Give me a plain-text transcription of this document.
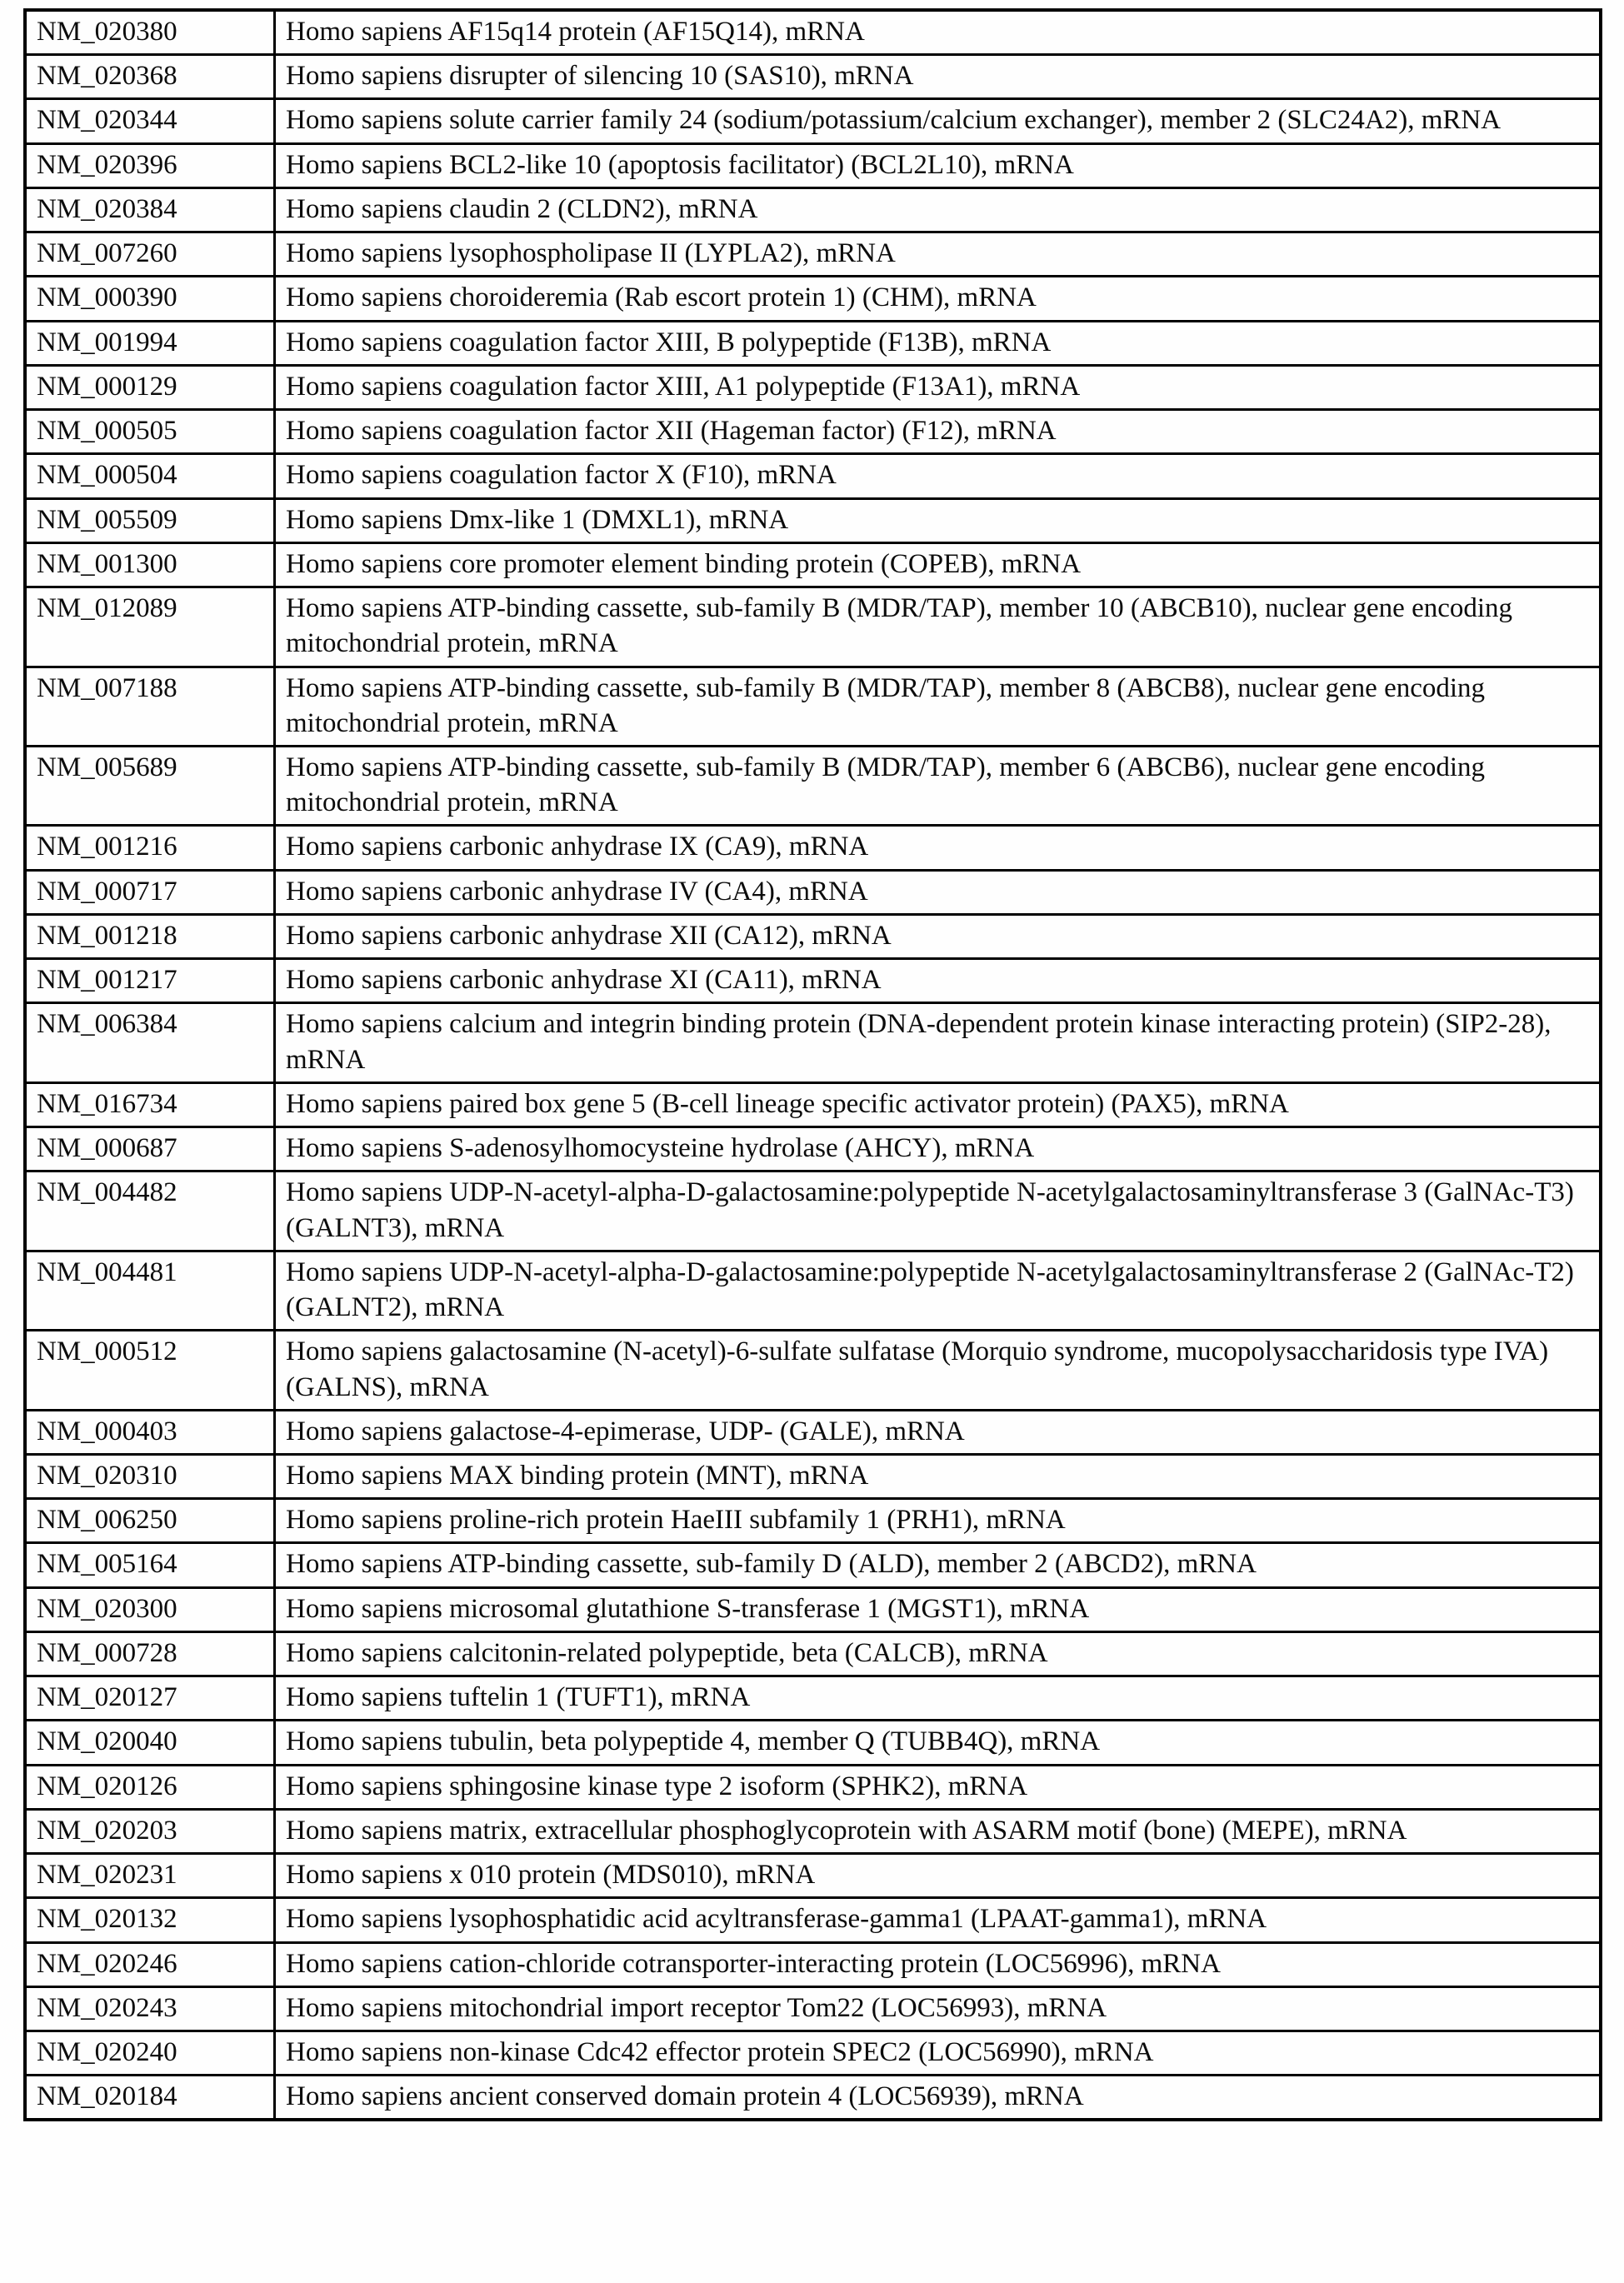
NM_020380	Homo sapiens AF15q14 protein (AF15Q14), mRNA
NM_020368	Homo sapiens disrupter of silencing 10 (SAS10), mRNA
NM_020344	Homo sapiens solute carrier family 24 (sodium/potassium/calcium exchanger), member 2 (SLC24A2), mRNA
NM_020396	Homo sapiens BCL2-like 10 (apoptosis facilitator) (BCL2L10), mRNA
NM_020384	Homo sapiens claudin 2 (CLDN2), mRNA
NM_007260	Homo sapiens lysophospholipase II (LYPLA2), mRNA
NM_000390	Homo sapiens choroideremia (Rab escort protein 1) (CHM), mRNA
NM_001994	Homo sapiens coagulation factor XIII, B polypeptide (F13B), mRNA
NM_000129	Homo sapiens coagulation factor XIII, A1 polypeptide (F13A1), mRNA
NM_000505	Homo sapiens coagulation factor XII (Hageman factor) (F12), mRNA
NM_000504	Homo sapiens coagulation factor X (F10), mRNA
NM_005509	Homo sapiens Dmx-like 1 (DMXL1), mRNA
NM_001300	Homo sapiens core promoter element binding protein (COPEB), mRNA
NM_012089	Homo sapiens ATP-binding cassette, sub-family B (MDR/TAP), member 10 (ABCB10), nuclear gene encoding mitochondrial protein, mRNA
NM_007188	Homo sapiens ATP-binding cassette, sub-family B (MDR/TAP), member 8 (ABCB8), nuclear gene encoding mitochondrial protein, mRNA
NM_005689	Homo sapiens ATP-binding cassette, sub-family B (MDR/TAP), member 6 (ABCB6), nuclear gene encoding mitochondrial protein, mRNA
NM_001216	Homo sapiens carbonic anhydrase IX (CA9), mRNA
NM_000717	Homo sapiens carbonic anhydrase IV (CA4), mRNA
NM_001218	Homo sapiens carbonic anhydrase XII (CA12), mRNA
NM_001217	Homo sapiens carbonic anhydrase XI (CA11), mRNA
NM_006384	Homo sapiens calcium and integrin binding protein (DNA-dependent protein kinase interacting protein) (SIP2-28), mRNA
NM_016734	Homo sapiens paired box gene 5 (B-cell lineage specific activator protein) (PAX5), mRNA
NM_000687	Homo sapiens S-adenosylhomocysteine hydrolase (AHCY), mRNA
NM_004482	Homo sapiens UDP-N-acetyl-alpha-D-galactosamine:polypeptide N-acetylgalactosaminyltransferase 3 (GalNAc-T3) (GALNT3), mRNA
NM_004481	Homo sapiens UDP-N-acetyl-alpha-D-galactosamine:polypeptide N-acetylgalactosaminyltransferase 2 (GalNAc-T2) (GALNT2), mRNA
NM_000512	Homo sapiens galactosamine (N-acetyl)-6-sulfate sulfatase (Morquio syndrome, mucopolysaccharidosis type IVA) (GALNS), mRNA
NM_000403	Homo sapiens galactose-4-epimerase, UDP- (GALE), mRNA
NM_020310	Homo sapiens MAX binding protein (MNT), mRNA
NM_006250	Homo sapiens proline-rich protein HaeIII subfamily 1 (PRH1), mRNA
NM_005164	Homo sapiens ATP-binding cassette, sub-family D (ALD), member 2 (ABCD2), mRNA
NM_020300	Homo sapiens microsomal glutathione S-transferase 1 (MGST1), mRNA
NM_000728	Homo sapiens calcitonin-related polypeptide, beta (CALCB), mRNA
NM_020127	Homo sapiens tuftelin 1 (TUFT1), mRNA
NM_020040	Homo sapiens tubulin, beta polypeptide 4, member Q (TUBB4Q), mRNA
NM_020126	Homo sapiens sphingosine kinase type 2 isoform (SPHK2), mRNA
NM_020203	Homo sapiens matrix, extracellular phosphoglycoprotein with ASARM motif (bone) (MEPE), mRNA
NM_020231	Homo sapiens x 010 protein (MDS010), mRNA
NM_020132	Homo sapiens lysophosphatidic acid acyltransferase-gamma1 (LPAAT-gamma1), mRNA
NM_020246	Homo sapiens cation-chloride cotransporter-interacting protein (LOC56996), mRNA
NM_020243	Homo sapiens mitochondrial import receptor Tom22 (LOC56993), mRNA
NM_020240	Homo sapiens non-kinase Cdc42 effector protein SPEC2 (LOC56990), mRNA
NM_020184	Homo sapiens ancient conserved domain protein 4 (LOC56939), mRNA
